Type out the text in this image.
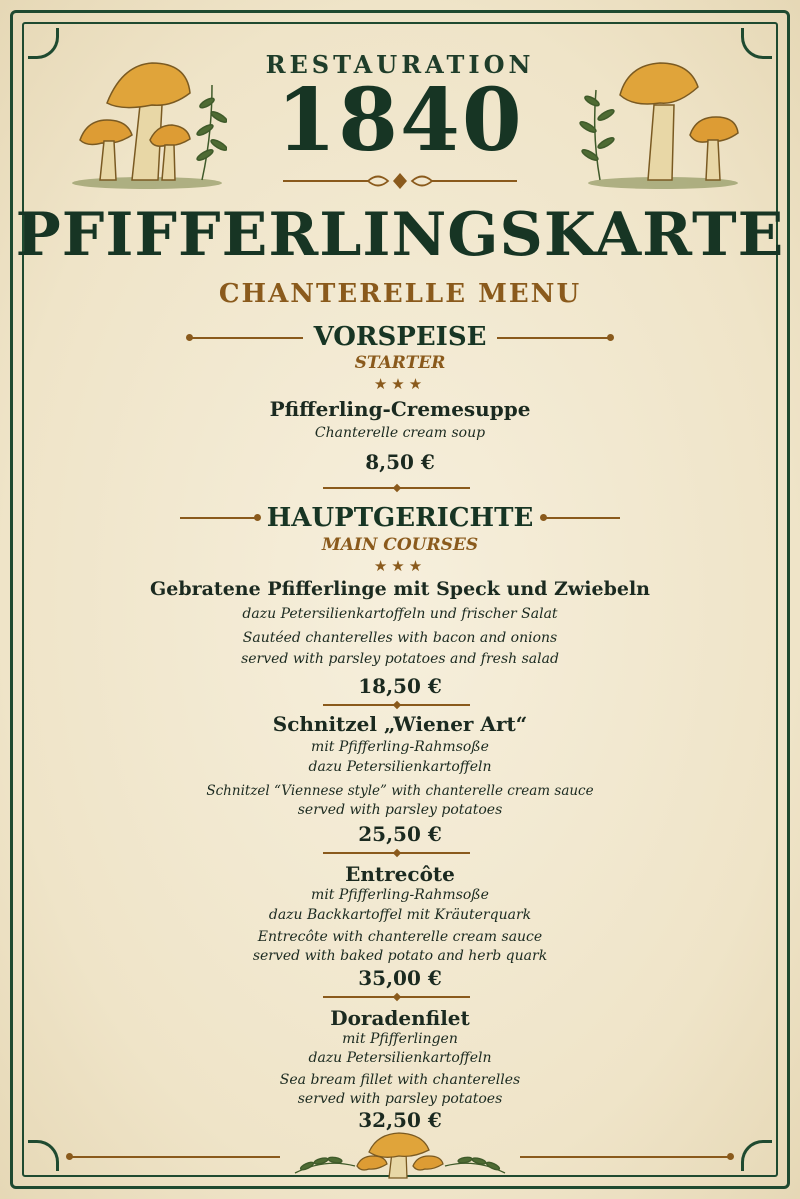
RESTAURATION
1840
PFIFFERLINGSKARTE
CHANTERELLE MENU
VORSPEISE
STARTER
★★★
Pfifferling-Cremesuppe
Chanterelle cream soup
8,50 €
HAUPTGERICHTE
MAIN COURSES
★★★
Gebratene Pfifferlinge mit Speck und Zwiebeln
dazu Petersilienkartoffeln und frischer Salat
Sautéed chanterelles with bacon and onions
served with parsley potatoes and fresh salad
18,50 €
Schnitzel „Wiener Art“
mit Pfifferling-Rahmsoße
dazu Petersilienkartoffeln
Schnitzel “Viennese style” with chanterelle cream sauce
served with parsley potatoes
25,50 €
Entrecôte
mit Pfifferling-Rahmsoße
dazu Backkartoffel mit Kräuterquark
Entrecôte with chanterelle cream sauce
served with baked potato and herb quark
35,00 €
Doradenfilet
mit Pfifferlingen
dazu Petersilienkartoffeln
Sea bream fillet with chanterelles
served with parsley potatoes
32,50 €
